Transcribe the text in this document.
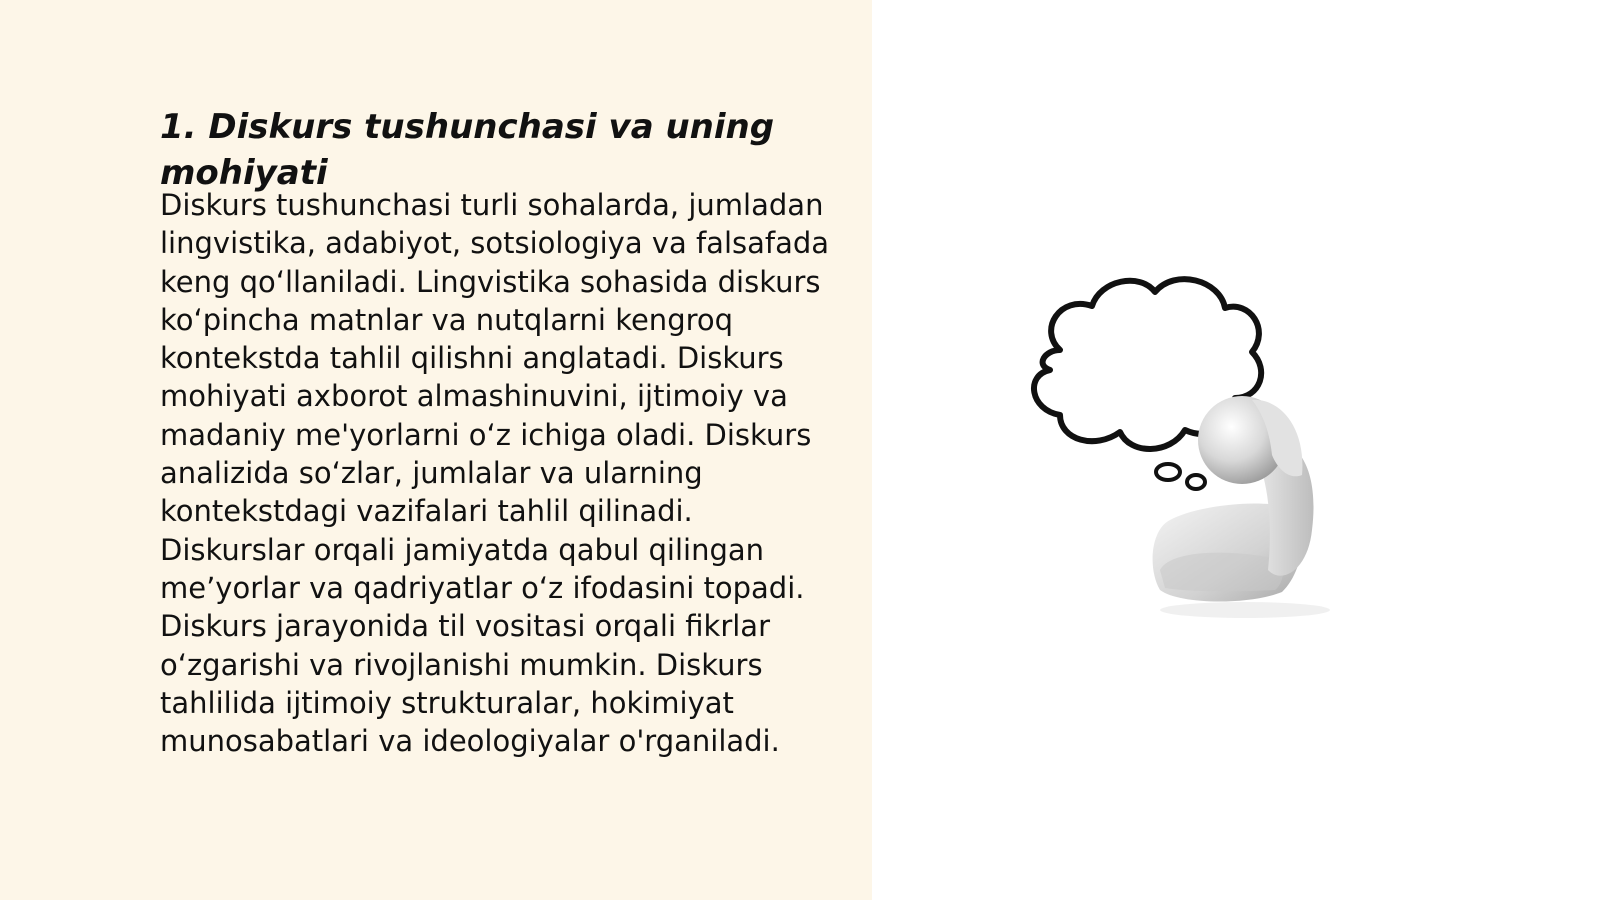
1. Diskurs tushunchasi va uning mohiyati

Diskurs tushunchasi turli sohalarda, jumladan lingvistika, adabiyot, sotsiologiya va falsafada keng qo‘llaniladi. Lingvistika sohasida diskurs ko‘pincha matnlar va nutqlarni kengroq kontekstda tahlil qilishni anglatadi. Diskurs mohiyati axborot almashinuvini, ijtimoiy va madaniy me'yorlarni o‘z ichiga oladi. Diskurs analizida so‘zlar, jumlalar va ularning kontekstdagi vazifalari tahlil qilinadi. Diskurslar orqali jamiyatda qabul qilingan me’yorlar va qadriyatlar o‘z ifodasini topadi. Diskurs jarayonida til vositasi orqali fikrlar o‘zgarishi va rivojlanishi mumkin. Diskurs tahlilida ijtimoiy strukturalar, hokimiyat munosabatlari va ideologiyalar o'rganiladi.
